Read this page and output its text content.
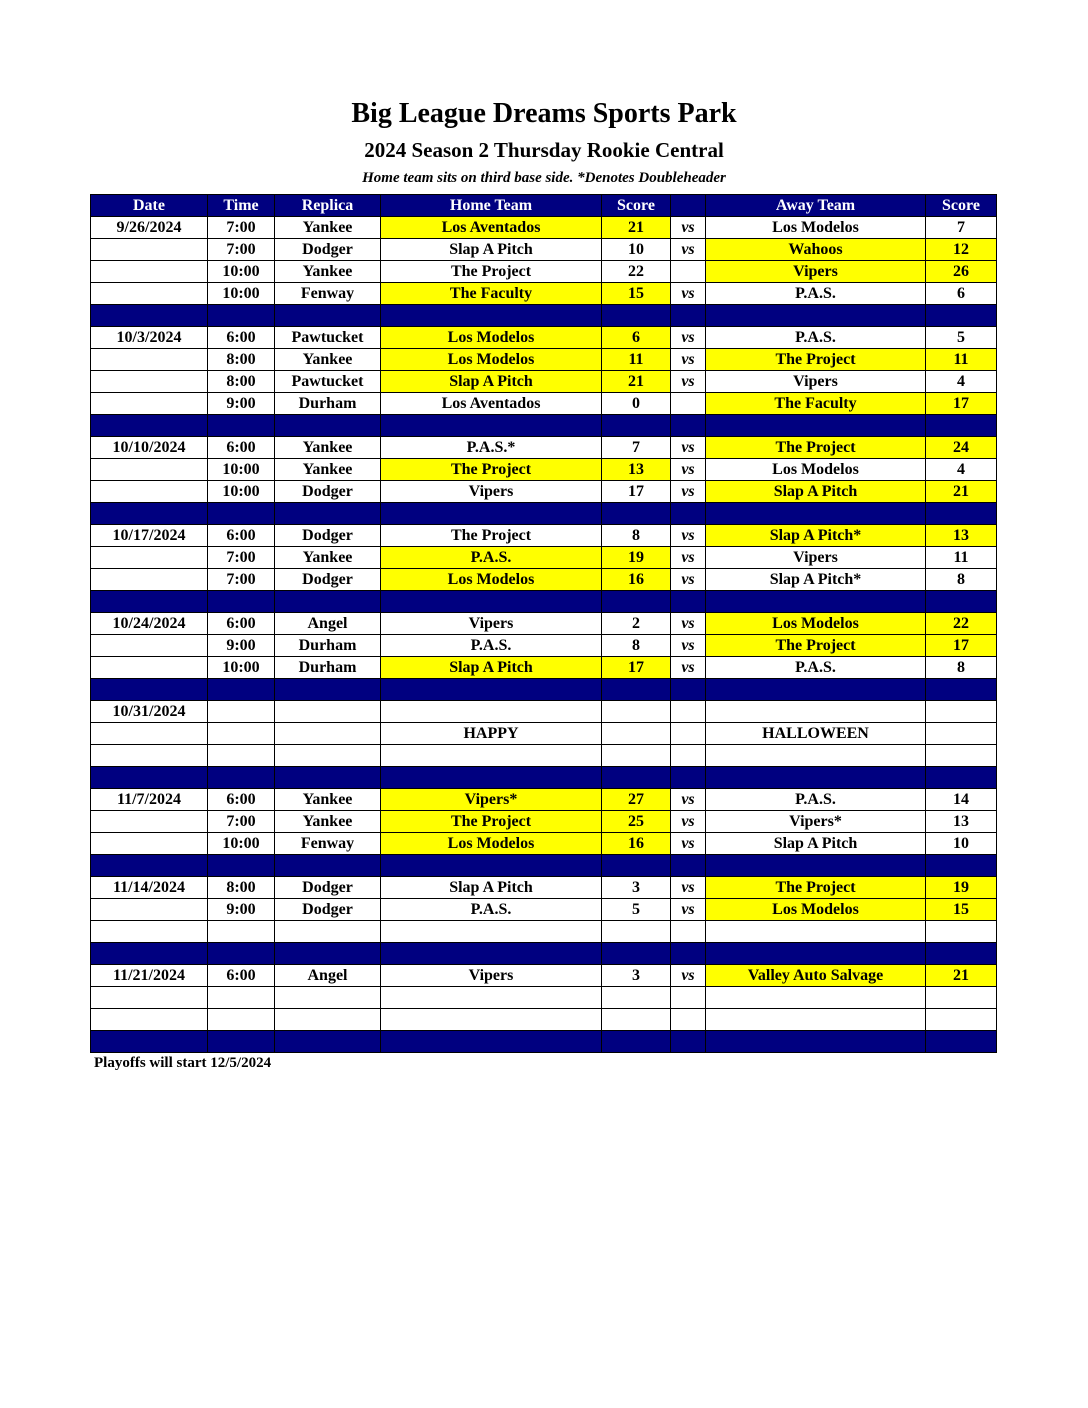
Big League Dreams Sports Park
2024 Season 2 Thursday Rookie Central
Home team sits on third base side. *Denotes Doubleheader
Date	Time	Replica	Home Team	Score		Away Team	Score
9/26/2024	7:00	Yankee	Los Aventados	21	vs	Los Modelos	7
	7:00	Dodger	Slap A Pitch	10	vs	Wahoos	12
	10:00	Yankee	The Project	22		Vipers	26
	10:00	Fenway	The Faculty	15	vs	P.A.S.	6

10/3/2024	6:00	Pawtucket	Los Modelos	6	vs	P.A.S.	5
	8:00	Yankee	Los Modelos	11	vs	The Project	11
	8:00	Pawtucket	Slap A Pitch	21	vs	Vipers	4
	9:00	Durham	Los Aventados	0		The Faculty	17

10/10/2024	6:00	Yankee	P.A.S.*	7	vs	The Project	24
	10:00	Yankee	The Project	13	vs	Los Modelos	4
	10:00	Dodger	Vipers	17	vs	Slap A Pitch	21

10/17/2024	6:00	Dodger	The Project	8	vs	Slap A Pitch*	13
	7:00	Yankee	P.A.S.	19	vs	Vipers	11
	7:00	Dodger	Los Modelos	16	vs	Slap A Pitch*	8

10/24/2024	6:00	Angel	Vipers	2	vs	Los Modelos	22
	9:00	Durham	P.A.S.	8	vs	The Project	17
	10:00	Durham	Slap A Pitch	17	vs	P.A.S.	8

10/31/2024							
			HAPPY			HALLOWEEN	

11/7/2024	6:00	Yankee	Vipers*	27	vs	P.A.S.	14
	7:00	Yankee	The Project	25	vs	Vipers*	13
	10:00	Fenway	Los Modelos	16	vs	Slap A Pitch	10

11/14/2024	8:00	Dodger	Slap A Pitch	3	vs	The Project	19
	9:00	Dodger	P.A.S.	5	vs	Los Modelos	15

11/21/2024	6:00	Angel	Vipers	3	vs	Valley Auto Salvage	21

Playoffs will start 12/5/2024
